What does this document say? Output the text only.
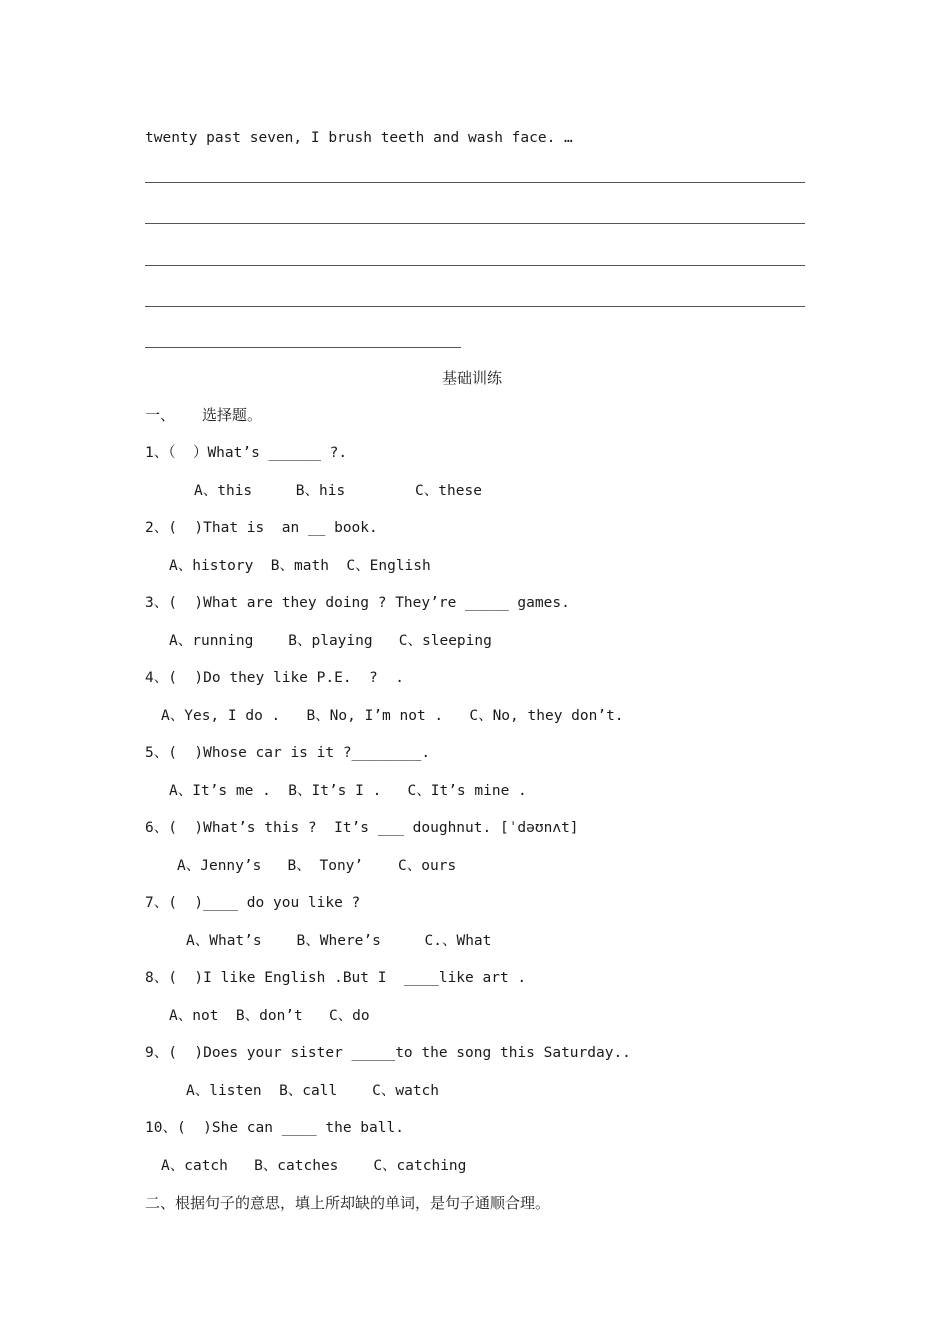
twenty past seven, I brush teeth and wash face. …
基础训练
一、 选择题。
1、（  ）What’s ______ ?.
A、this     B、his        C、these
2、(  )That is  an __ book.
A、history  B、math  C、English
3、(  )What are they doing ? They’re _____ games.
A、running    B、playing   C、sleeping
4、(  )Do they like P.E.  ?  .
A、Yes, I do .   B、No, I’m not .   C、No, they don’t.
5、(  )Whose car is it ?________.
A、It’s me .  B、It’s I .   C、It’s mine .
6、(  )What’s this ?  It’s ___ doughnut. [ˈdəʊnʌt]
A、Jenny’s   B、 Tony’    C、ours
7、(  )____ do you like ?
A、What’s    B、Where’s     C.、What
8、(  )I like English .But I  ____like art .
A、not  B、don’t   C、do
9、(  )Does your sister _____to the song this Saturday..
A、listen  B、call    C、watch
10、(  )She can ____ the ball.
A、catch   B、catches    C、catching
二、根据句子的意思，填上所却缺的单词，是句子通顺合理。
